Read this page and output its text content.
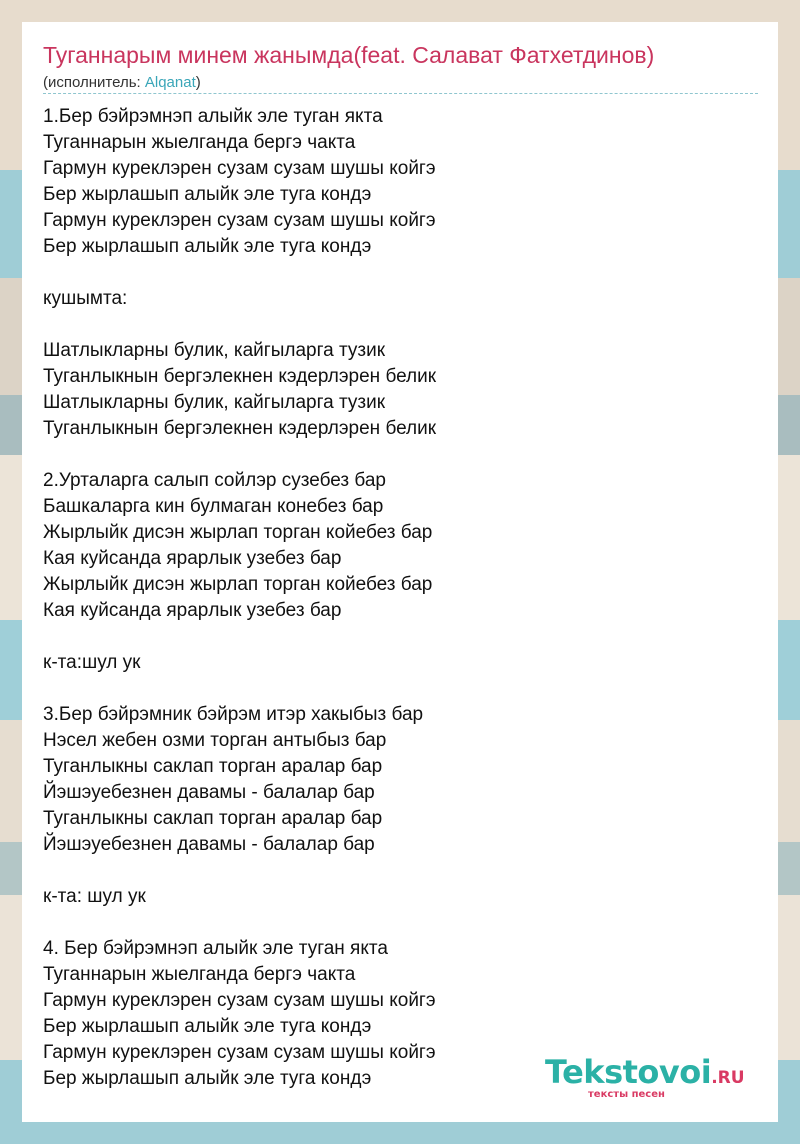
Туганнарым минем жанымда(feat. Салават Фатхетдинов)
(исполнитель: Alqanat)
1.Бер бэйрэмнэп алыйк эле туган якта
Туганнарын жыелганда бергэ чакта
Гармун куреклэрен сузам сузам шушы койгэ
Бер жырлашып алыйк эле туга кондэ
Гармун куреклэрен сузам сузам шушы койгэ
Бер жырлашып алыйк эле туга кондэ
кушымта:
Шатлыкларны булик, кайгыларга тузик
Туганлыкнын бергэлекнен кэдерлэрен белик
Шатлыкларны булик, кайгыларга тузик
Туганлыкнын бергэлекнен кэдерлэрен белик
2.Урталарга салып сойлэр сузебез бар
Башкаларга кин булмаган конебез бар
Жырлыйк дисэн жырлап торган койебез бар
Кая куйсанда яраpлык узебез бар
Жырлыйк дисэн жырлап торган койебез бар
Кая куйсанда яраpлык узебез бар
к-та:шул ук
3.Бер бэйрэмник бэйрэм итэр хакыбыз бар
Нэсел жебен озми торган антыбыз бар
Туганлыкны саклап торган аралар бар
Йэшэуебезнен давамы - балалар бар
Туганлыкны саклап торган аралар бар
Йэшэуебезнен давамы - балалар бар
к-та: шул ук
4. Бер бэйрэмнэп алыйк эле туган якта
Туганнарын жыелганда бергэ чакта
Гармун куреклэрен сузам сузам шушы койгэ
Бер жырлашып алыйк эле туга кондэ
Гармун куреклэрен сузам сузам шушы койгэ
Бер жырлашып алыйк эле туга кондэ	Tekstovoi.RU
тексты песен
